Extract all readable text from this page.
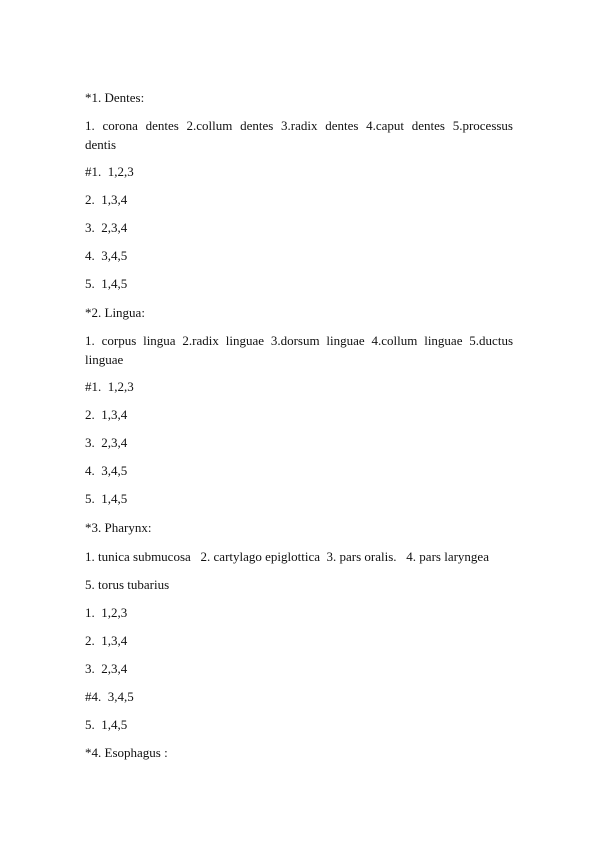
*1. Dentes:
1. corona dentes 2.collum dentes 3.radix dentes 4.caput dentes 5.processus
dentis
#1.  1,2,3
2.  1,3,4
3.  2,3,4
4.  3,4,5
5.  1,4,5
*2. Lingua:
1. corpus lingua 2.radix linguae 3.dorsum linguae 4.collum linguae 5.ductus
linguae
#1.  1,2,3
2.  1,3,4
3.  2,3,4
4.  3,4,5
5.  1,4,5
*3. Pharynx:
1. tunica submucosa   2. cartylago epiglottica  3. pars oralis.   4. pars laryngea
5. torus tubarius
1.  1,2,3
2.  1,3,4
3.  2,3,4
#4.  3,4,5
5.  1,4,5
*4. Esophagus :
